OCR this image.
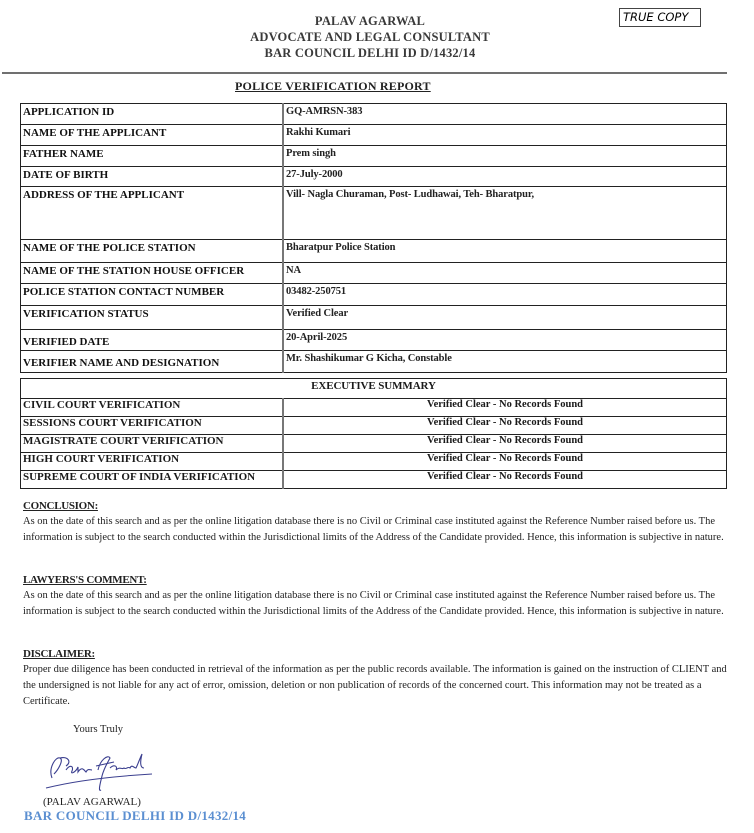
PALAV AGARWAL
ADVOCATE AND LEGAL CONSULTANT
BAR COUNCIL DELHI ID D/1432/14
TRUE COPY
POLICE VERIFICATION REPORT
APPLICATION ID	GQ-AMRSN-383
NAME OF THE APPLICANT	Rakhi Kumari
FATHER NAME	Prem singh
DATE OF BIRTH	27-July-2000
ADDRESS OF THE APPLICANT	Vill- Nagla Churaman, Post- Ludhawai, Teh- Bharatpur,
NAME OF THE POLICE STATION	Bharatpur Police Station
NAME OF THE STATION HOUSE OFFICER	NA
POLICE STATION CONTACT NUMBER	03482-250751
VERIFICATION STATUS	Verified Clear
VERIFIED DATE	20-April-2025
VERIFIER NAME AND DESIGNATION	Mr. Shashikumar G Kicha, Constable
EXECUTIVE SUMMARY	
CIVIL COURT VERIFICATION	Verified Clear - No Records Found
SESSIONS COURT VERIFICATION	Verified Clear - No Records Found
MAGISTRATE COURT VERIFICATION	Verified Clear - No Records Found
HIGH COURT VERIFICATION	Verified Clear - No Records Found
SUPREME COURT OF INDIA VERIFICATION	Verified Clear - No Records Found
CONCLUSION:

As on the date of this search and as per the online litigation database there is no Civil or Criminal case instituted against the Reference Number raised before us. The information is subject to the search conducted within the Jurisdictional limits of the Address of the Candidate provided. Hence, this information is subjective in nature.

LAWYERS'S COMMENT:

As on the date of this search and as per the online litigation database there is no Civil or Criminal case instituted against the Reference Number raised before us. The information is subject to the search conducted within the Jurisdictional limits of the Address of the Candidate provided. Hence, this information is subjective in nature.

DISCLAIMER:

Proper due diligence has been conducted in retrieval of the information as per the public records available. The information is gained on the instruction of CLIENT and the undersigned is not liable for any act of error, omission, deletion or non publication of records of the concerned court. This information may not be treated as a Certificate.

Yours Truly
(PALAV AGARWAL)
BAR COUNCIL DELHI ID D/1432/14
